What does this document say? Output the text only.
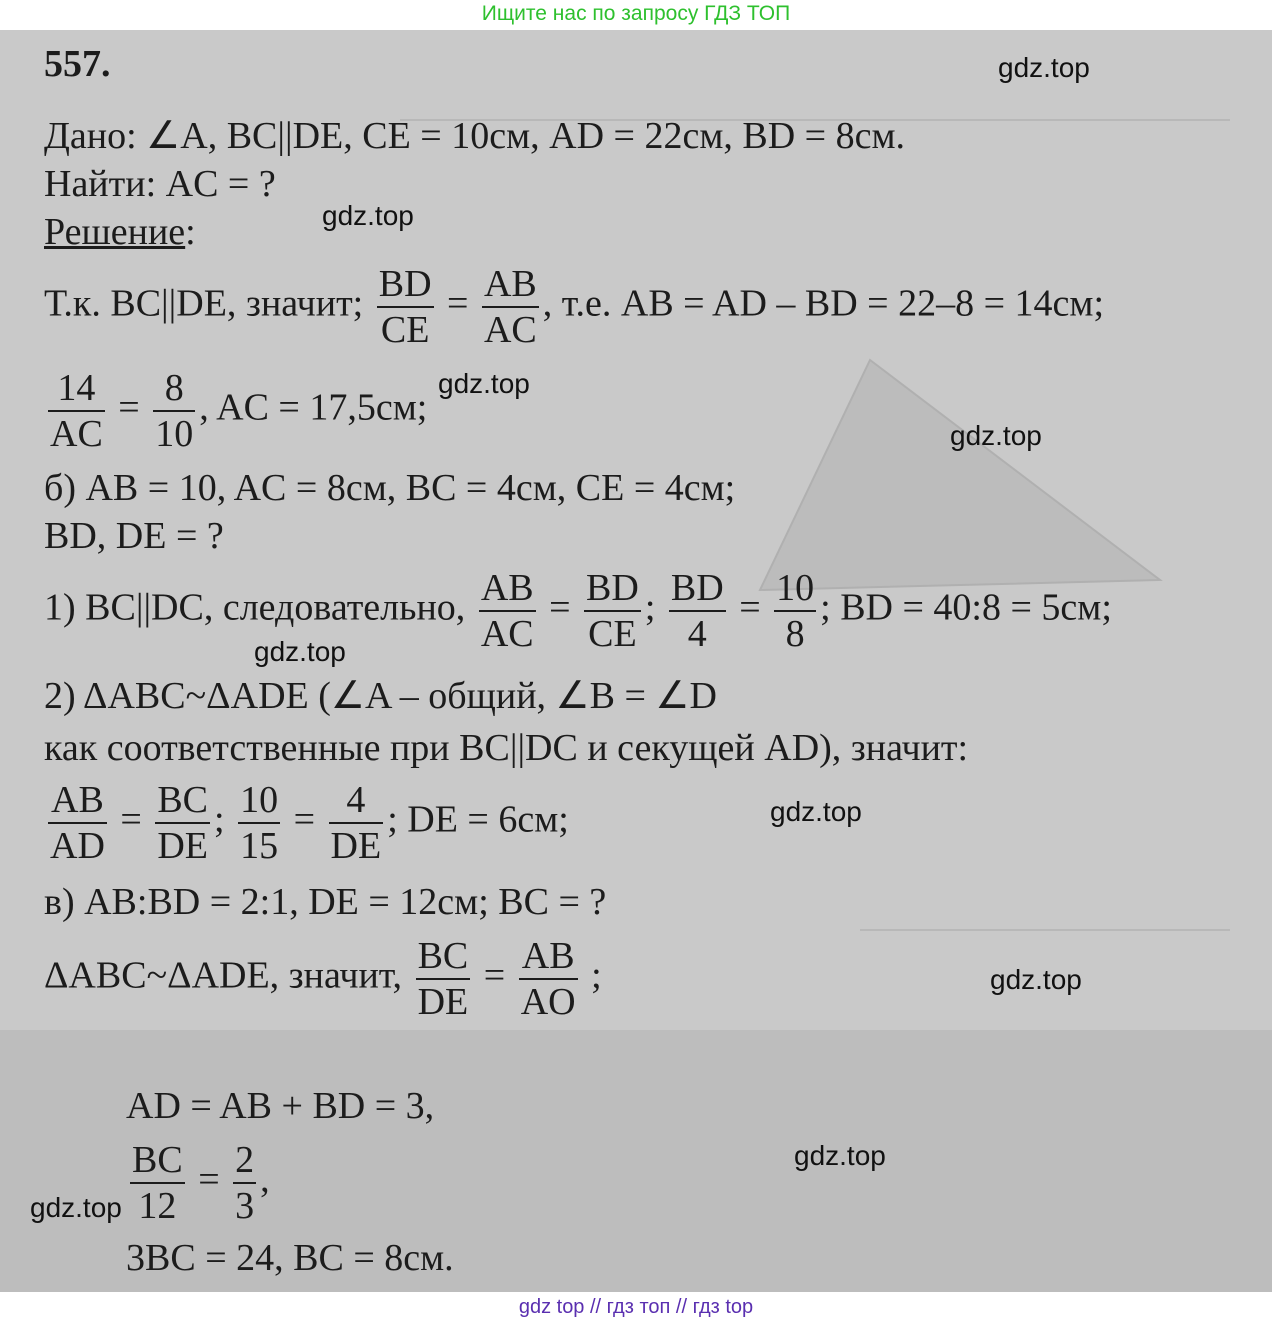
Ищите нас по запросу ГДЗ ТОП
557.
Дано: ∠A, BC||DE, CE = 10см, AD = 22см, BD = 8см.
Найти: AC = ?
Решение:
Т.к. BC||DE, значит; $\frac{BD}{CE} = \frac{AB}{AC}$ , т.е. AB = AD – BD = 22–8 = 14см;
$\frac{14}{AC} = \frac{8}{10}$ , AC = 17,5см;
б) AB = 10, AC = 8см, BC = 4см, CE = 4см;
BD, DE = ?
1) BC||DC, следовательно, $\frac{AB}{AC} = \frac{BD}{CE}$ ; $\frac{BD}{4} = \frac{10}{8}$ ; BD = 40:8 = 5см;
2) ΔABC~ΔADE (∠A – общий, ∠B = ∠D
как соответственные при BC||DC и секущей AD), значит:
$\frac{AB}{AD} = \frac{BC}{DE}$ ; $\frac{10}{15} = \frac{4}{DE}$ ; DE = 6см;
в) AB:BD = 2:1, DE = 12см; BC = ?
ΔABC~ΔADE, значит, $\frac{BC}{DE} = \frac{AB}{AO}$ ;
AD = AB + BD = 3,
$\frac{BC}{12} = \frac{2}{3}$ ,
3BC = 24, BC = 8см.
gdz.top
gdz.top
gdz.top
gdz.top
gdz.top
gdz.top
gdz.top
gdz.top
gdz.top
gdz top // гдз топ // гдз top
